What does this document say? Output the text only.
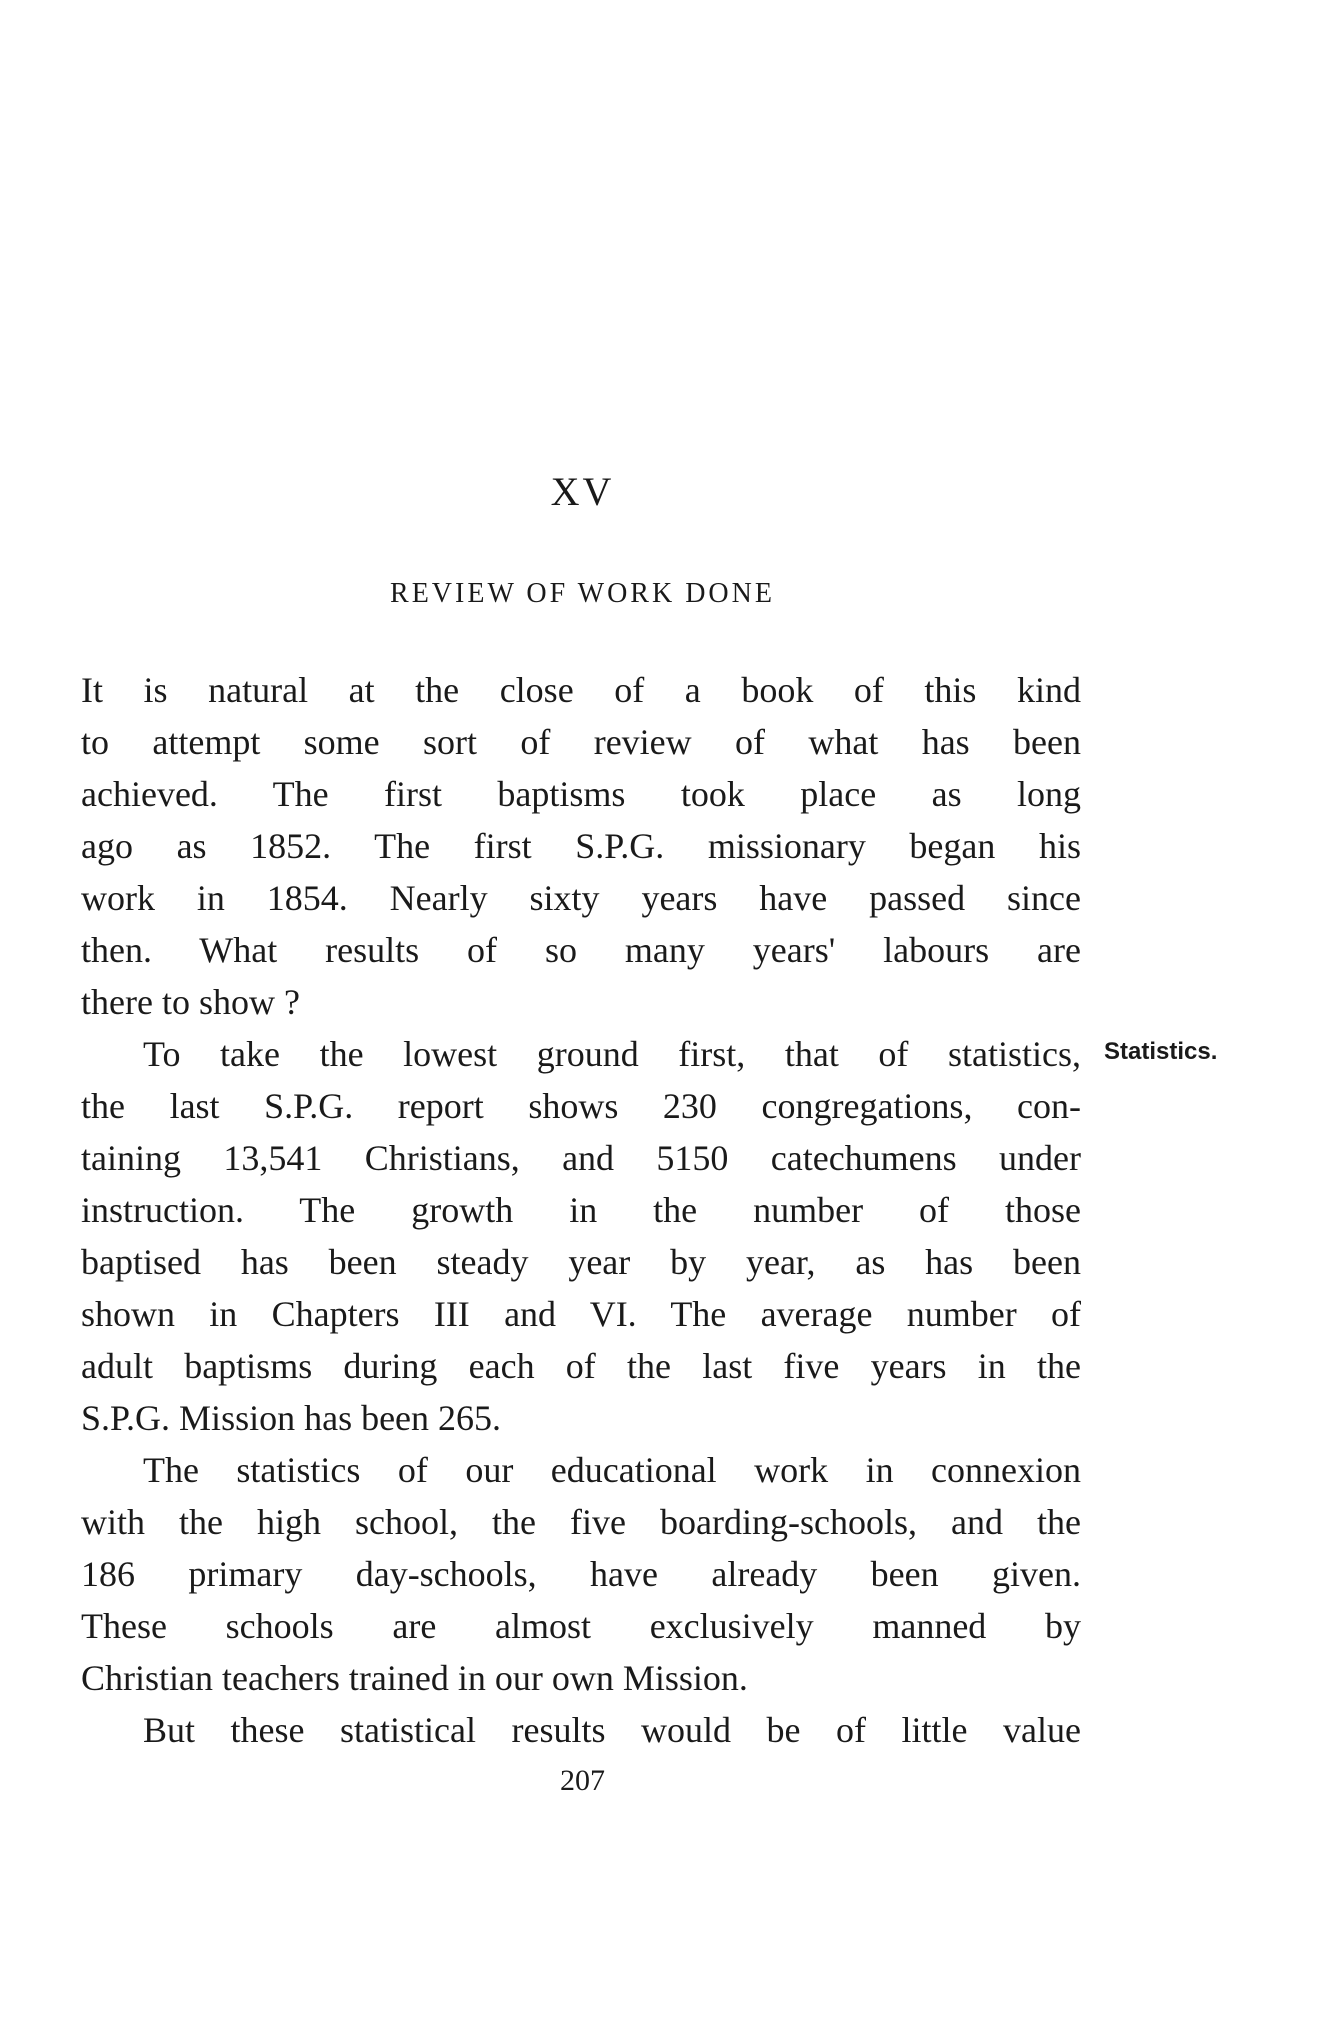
XV
REVIEW OF WORK DONE
It is natural at the close of a book of this kind
to attempt some sort of review of what has been
achieved. The first baptisms took place as long
ago as 1852. The first S.P.G. missionary began his
work in 1854. Nearly sixty years have passed since
then. What results of so many years' labours are
there to show ?
To take the lowest ground first, that of statistics,
the last S.P.G. report shows 230 congregations, con-
taining 13,541 Christians, and 5150 catechumens under
instruction. The growth in the number of those
baptised has been steady year by year, as has been
shown in Chapters III and VI. The average number of
adult baptisms during each of the last five years in the
S.P.G. Mission has been 265.
The statistics of our educational work in connexion
with the high school, the five boarding-schools, and the
186 primary day-schools, have already been given.
These schools are almost exclusively manned by
Christian teachers trained in our own Mission.
But these statistical results would be of little value
Statistics.
207
